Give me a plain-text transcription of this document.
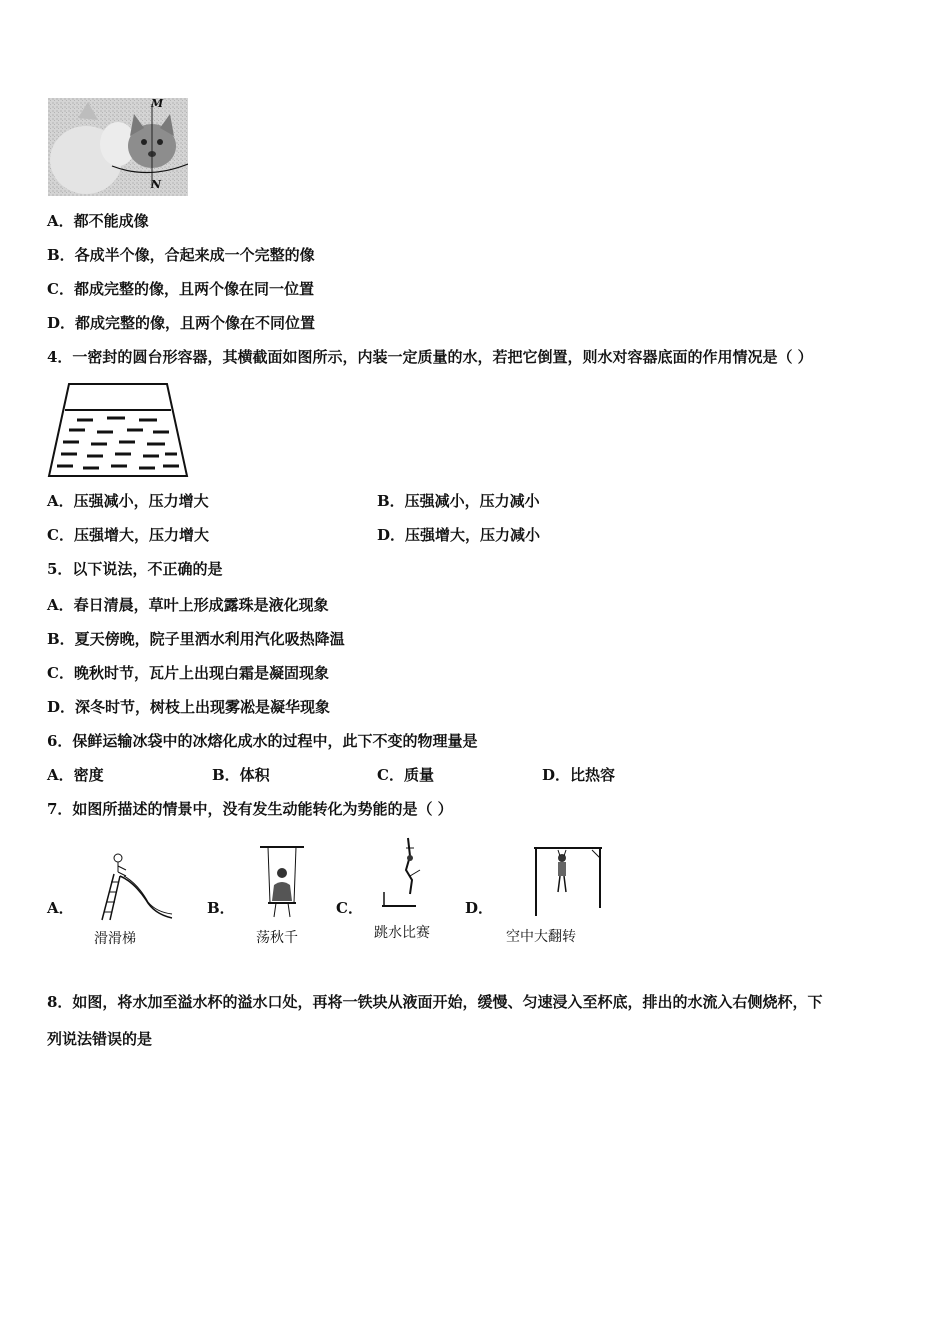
M
N
A．都不能成像
B．各成半个像，合起来成一个完整的像
C．都成完整的像，且两个像在同一位置
D．都成完整的像，且两个像在不同位置
4．一密封的圆台形容器，其横截面如图所示，内装一定质量的水，若把它倒置，则水对容器底面的作用情况是（ ）
A．压强减小，压力增大	B．压强减小，压力减小
C．压强增大，压力增大	D．压强增大，压力减小
5．以下说法，不正确的是
A．春日清晨，草叶上形成露珠是液化现象
B．夏天傍晚，院子里洒水利用汽化吸热降温
C．晚秋时节，瓦片上出现白霜是凝固现象
D．深冬时节，树枝上出现雾凇是凝华现象
6．保鲜运输冰袋中的冰熔化成水的过程中，此下不变的物理量是
A．密度	B．体积	C．质量	D．比热容
7．如图所描述的情景中，没有发生动能转化为势能的是（ ）
A．
滑滑梯
B．
荡秋千
C．
跳水比赛
D．
空中大翻转
8．如图，将水加至溢水杯的溢水口处，再将一铁块从液面开始，缓慢、匀速浸入至杯底，排出的水流入右侧烧杯，下
列说法错误的是
